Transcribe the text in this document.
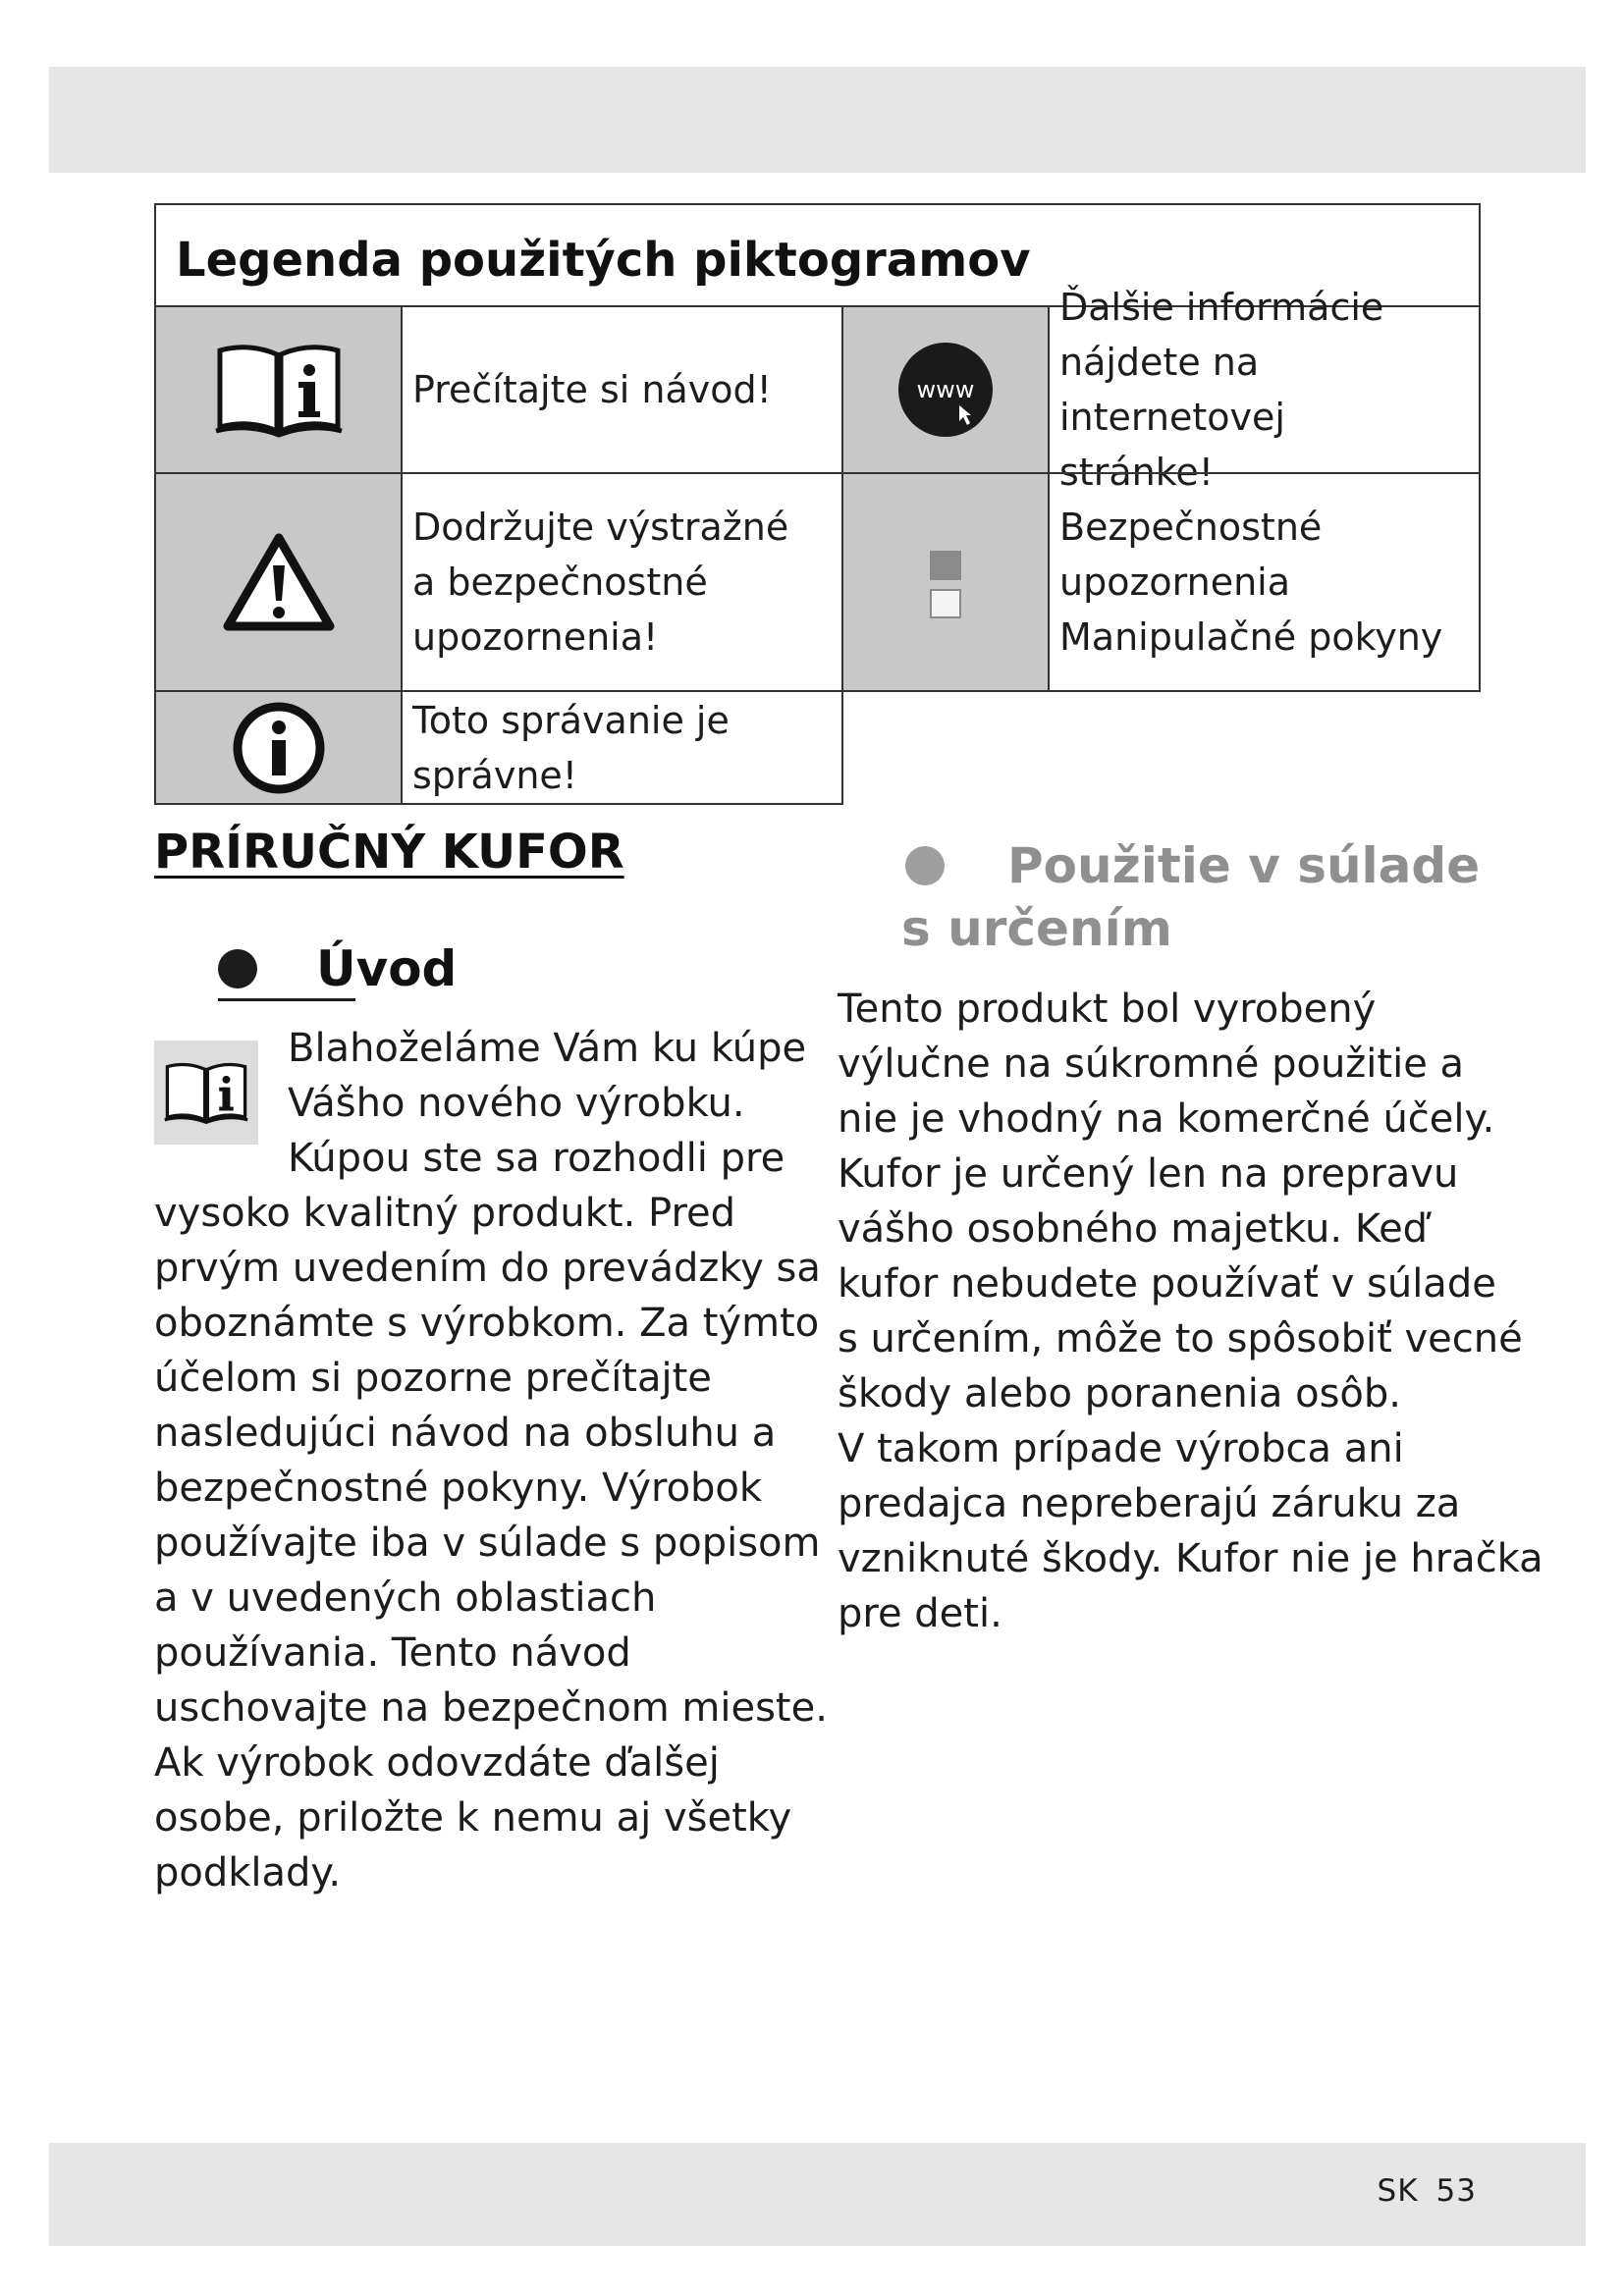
Legenda použitých piktogramov
Prečítajte si návod!	www
Ďalšie informácie
nájdete na internetovej
stránke!
Dodržujte výstražné
a bezpečnostné
upozornenia!
Bezpečnostné
upozornenia
Manipulačné pokyny
Toto správanie je
správne!
PRÍRUČNÝ KUFOR
Úvod
Blahoželáme Vám ku kúpe
Vášho nového výrobku.
Kúpou ste sa rozhodli pre
vysoko kvalitný produkt. Pred
prvým uvedením do prevádzky sa
oboznámte s výrobkom. Za týmto
účelom si pozorne prečítajte
nasledujúci návod na obsluhu a
bezpečnostné pokyny. Výrobok
používajte iba v súlade s popisom
a v uvedených oblastiach
používania. Tento návod
uschovajte na bezpečnom mieste.
Ak výrobok odovzdáte ďalšej
osobe, priložte k nemu aj všetky
podklady.
Použitie v súlade s určením
Tento produkt bol vyrobený
výlučne na súkromné použitie a
nie je vhodný na komerčné účely.
Kufor je určený len na prepravu
vášho osobného majetku. Keď
kufor nebudete používať v súlade
s určením, môže to spôsobiť vecné
škody alebo poranenia osôb.
V takom prípade výrobca ani
predajca nepreberajú záruku za
vzniknuté škody. Kufor nie je hračka
pre deti.
SK 53
